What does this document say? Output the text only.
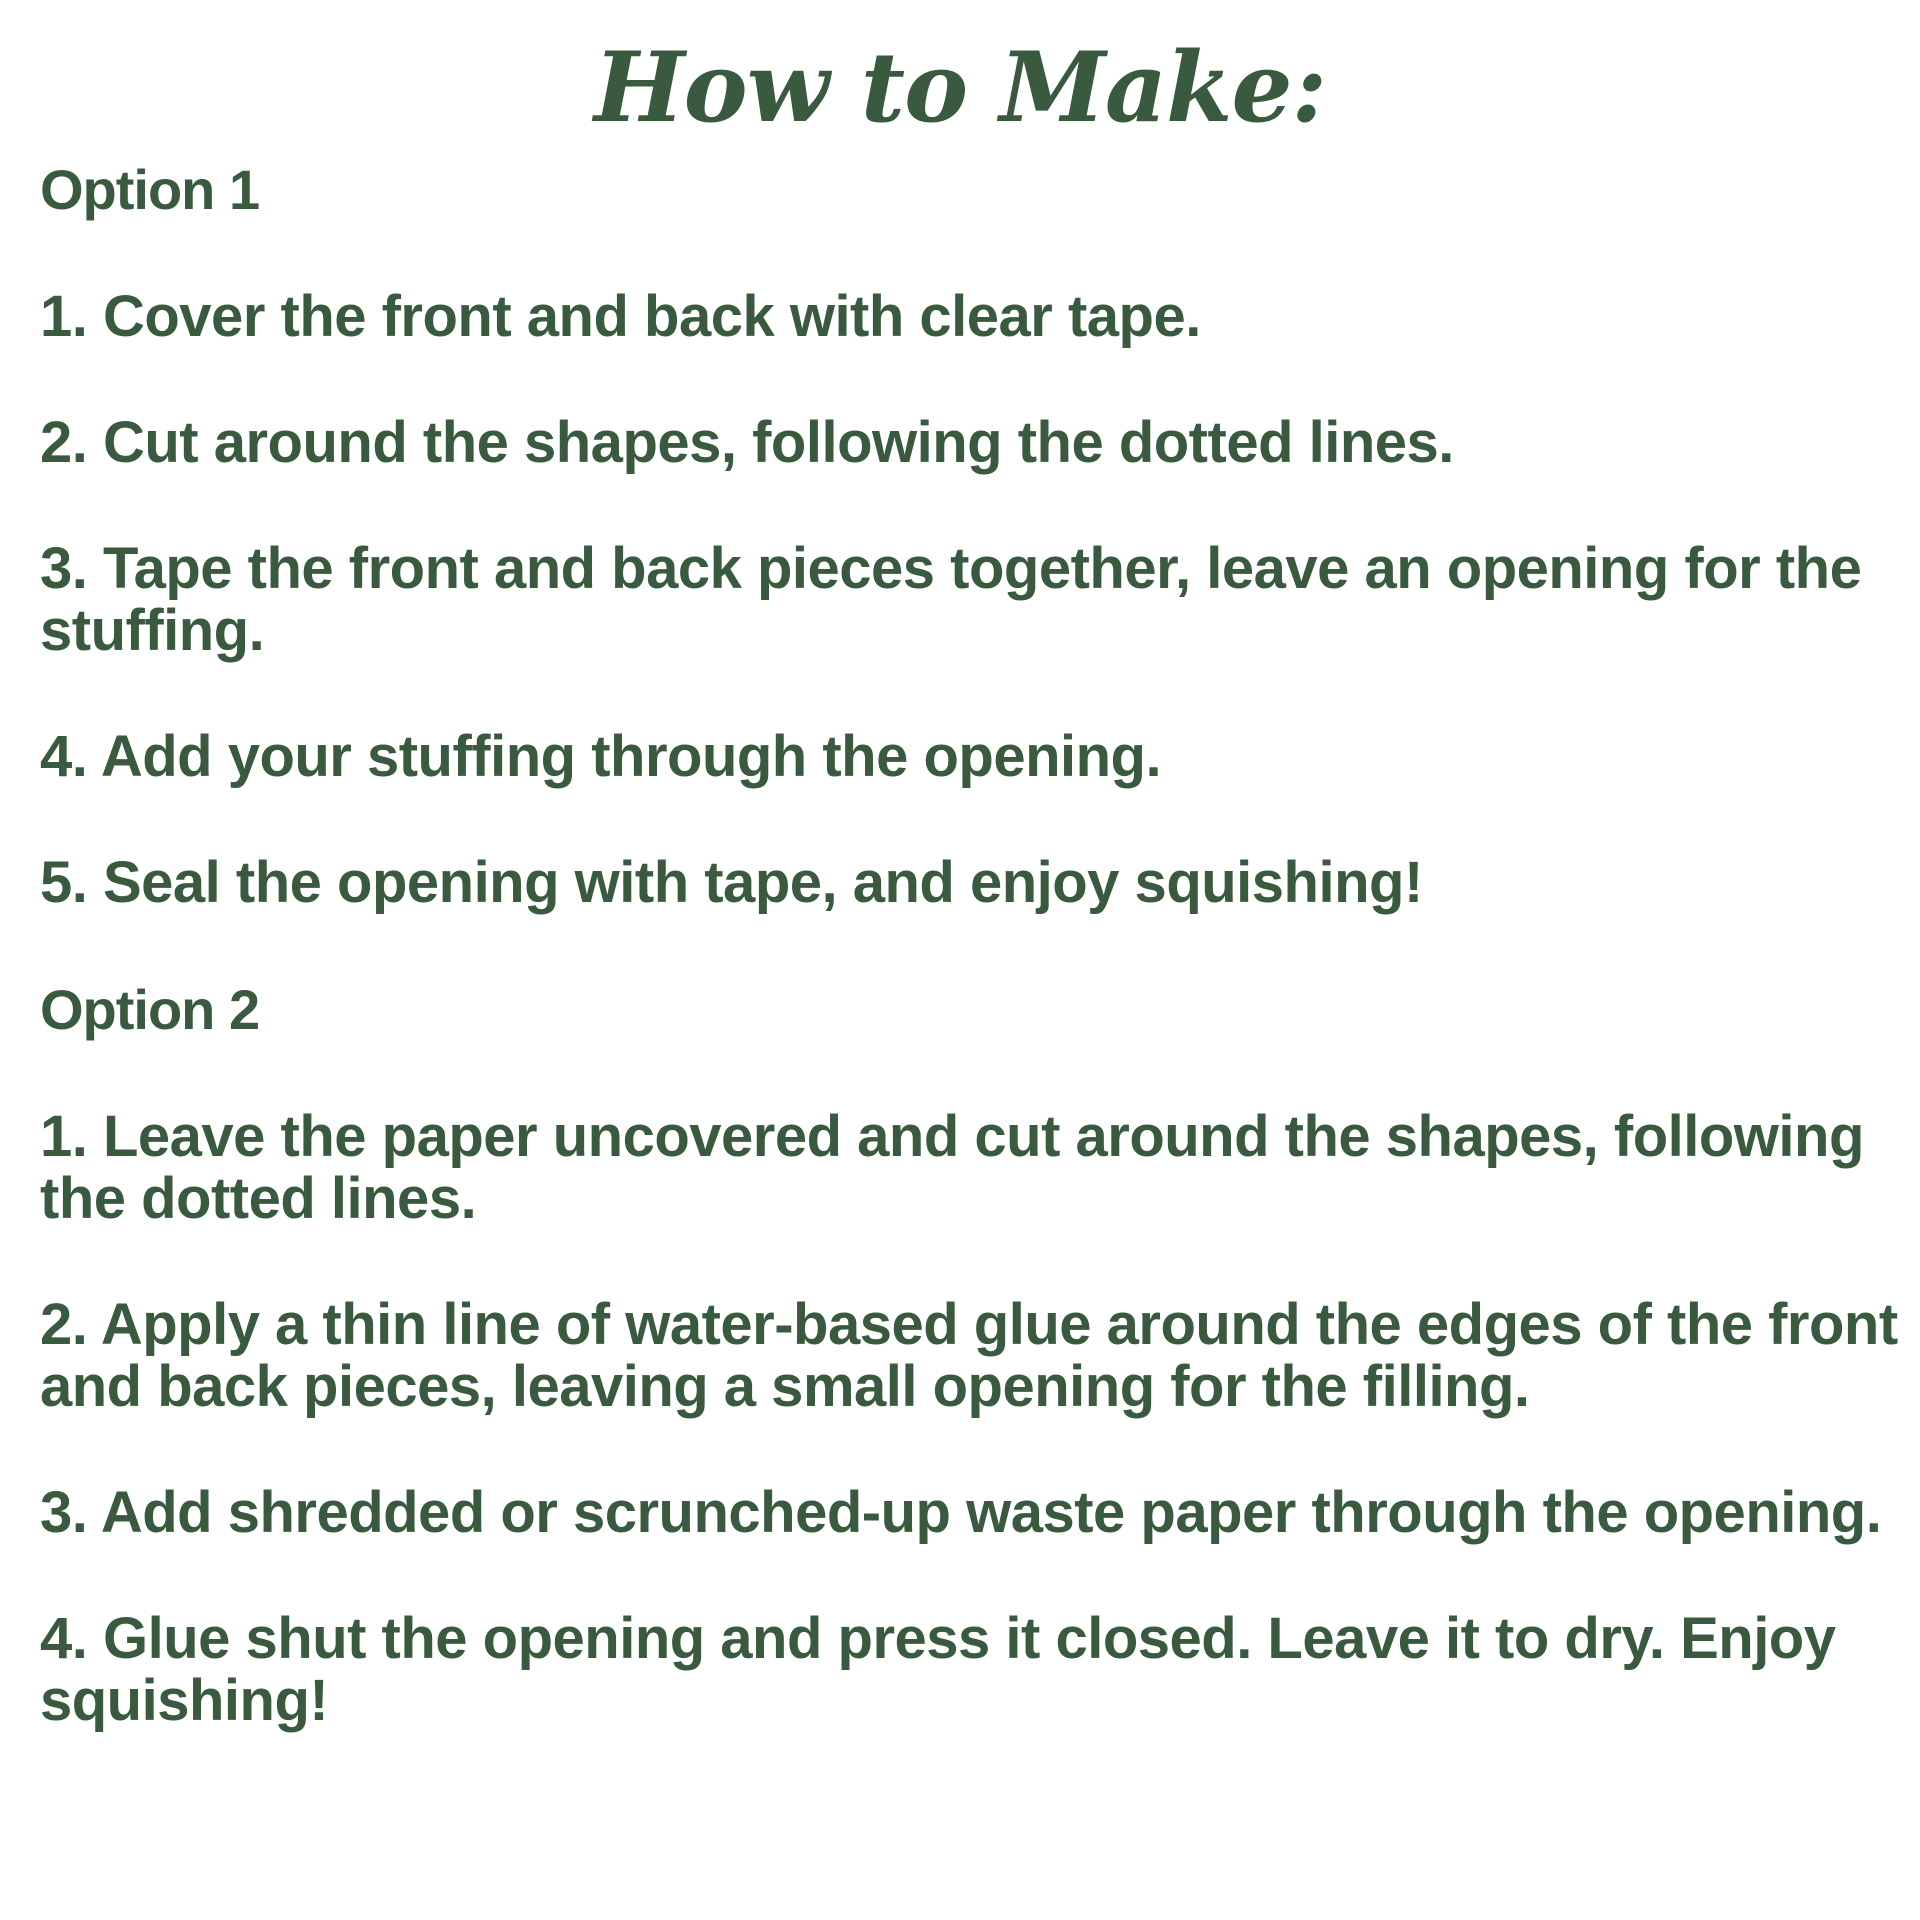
How to Make:

Option 1

1. Cover the front and back with clear tape.

2. Cut around the shapes, following the dotted lines.

3. Tape the front and back pieces together, leave an opening for the stuffing.

4. Add your stuffing through the opening.

5. Seal the opening with tape, and enjoy squishing!

Option 2

1. Leave the paper uncovered and cut around the shapes, following the dotted lines.

2. Apply a thin line of water-based glue around the edges of the front and back pieces, leaving a small opening for the filling.

3. Add shredded or scrunched-up waste paper through the opening.

4. Glue shut the opening and press it closed. Leave it to dry. Enjoy squishing!
